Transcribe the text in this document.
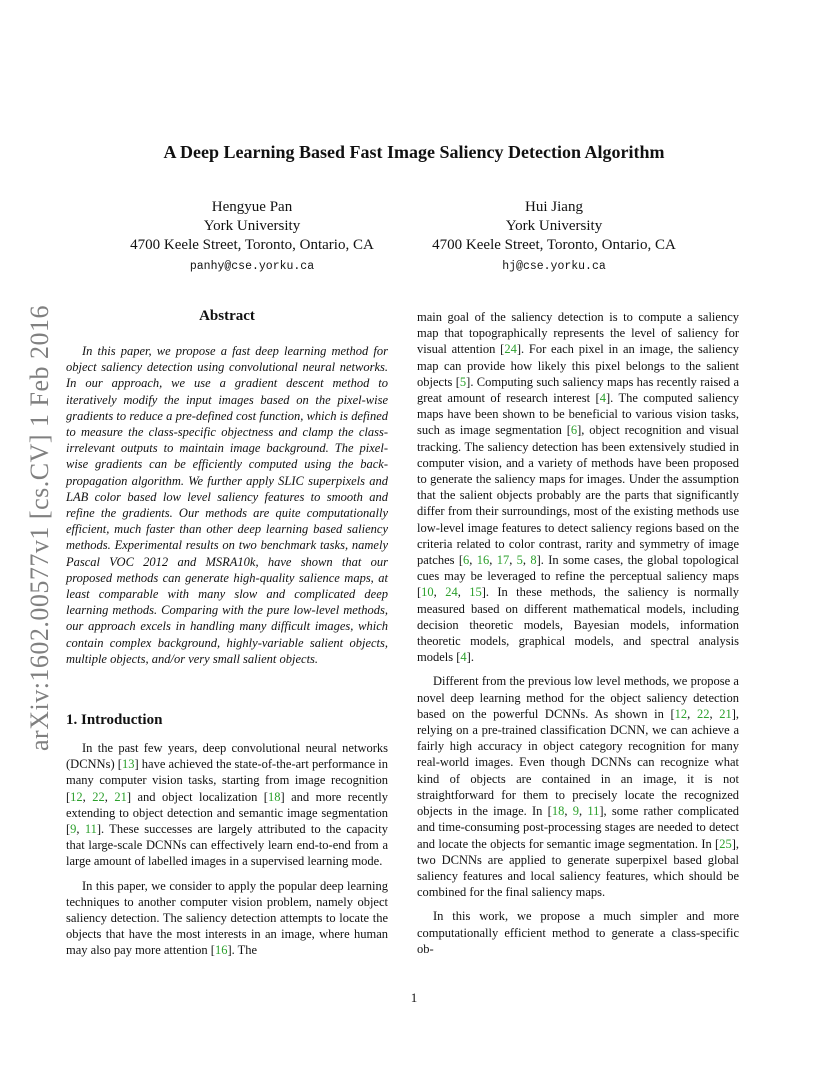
arXiv:1602.00577v1 [cs.CV] 1 Feb 2016
A Deep Learning Based Fast Image Saliency Detection Algorithm
Hengyue Pan
York University
4700 Keele Street, Toronto, Ontario, CA
panhy@cse.yorku.ca
Hui Jiang
York University
4700 Keele Street, Toronto, Ontario, CA
hj@cse.yorku.ca
Abstract
In this paper, we propose a fast deep learning method for object saliency detection using convolutional neural networks. In our approach, we use a gradient descent method to iteratively modify the input images based on the pixel-wise gradients to reduce a pre-defined cost function, which is defined to measure the class-specific objectness and clamp the class-irrelevant outputs to maintain image background. The pixel-wise gradients can be efficiently computed using the back-propagation algorithm. We further apply SLIC superpixels and LAB color based low level saliency features to smooth and refine the gradients. Our methods are quite computationally efficient, much faster than other deep learning based saliency methods. Experimental results on two benchmark tasks, namely Pascal VOC 2012 and MSRA10k, have shown that our proposed methods can generate high-quality salience maps, at least comparable with many slow and complicated deep learning methods. Comparing with the pure low-level methods, our approach excels in handling many difficult images, which contain complex background, highly-variable salient objects, multiple objects, and/or very small salient objects.
1. Introduction

In the past few years, deep convolutional neural networks (DCNNs) [13] have achieved the state-of-the-art performance in many computer vision tasks, starting from image recognition [12, 22, 21] and object localization [18] and more recently extending to object detection and semantic image segmentation [9, 11]. These successes are largely attributed to the capacity that large-scale DCNNs can effectively learn end-to-end from a large amount of labelled images in a supervised learning mode.

In this paper, we consider to apply the popular deep learning techniques to another computer vision problem, namely object saliency detection. The saliency detection attempts to locate the objects that have the most interests in an image, where human may also pay more attention [16]. The

main goal of the saliency detection is to compute a saliency map that topographically represents the level of saliency for visual attention [24]. For each pixel in an image, the saliency map can provide how likely this pixel belongs to the salient objects [5]. Computing such saliency maps has recently raised a great amount of research interest [4]. The computed saliency maps have been shown to be beneficial to various vision tasks, such as image segmentation [6], object recognition and visual tracking. The saliency detection has been extensively studied in computer vision, and a variety of methods have been proposed to generate the saliency maps for images. Under the assumption that the salient objects probably are the parts that significantly differ from their surroundings, most of the existing methods use low-level image features to detect saliency regions based on the criteria related to color contrast, rarity and symmetry of image patches [6, 16, 17, 5, 8]. In some cases, the global topological cues may be leveraged to refine the perceptual saliency maps [10, 24, 15]. In these methods, the saliency is normally measured based on different mathematical models, including decision theoretic models, Bayesian models, information theoretic models, graphical models, and spectral analysis models [4].

Different from the previous low level methods, we propose a novel deep learning method for the object saliency detection based on the powerful DCNNs. As shown in [12, 22, 21], relying on a pre-trained classification DCNN, we can achieve a fairly high accuracy in object category recognition for many real-world images. Even though DCNNs can recognize what kind of objects are contained in an image, it is not straightforward for them to precisely locate the recognized objects in the image. In [18, 9, 11], some rather complicated and time-consuming post-processing stages are needed to detect and locate the objects for semantic image segmentation. In [25], two DCNNs are applied to generate superpixel based global saliency features and local saliency features, which should be combined for the final saliency maps.

In this work, we propose a much simpler and more computationally efficient method to generate a class-specific ob-

1
